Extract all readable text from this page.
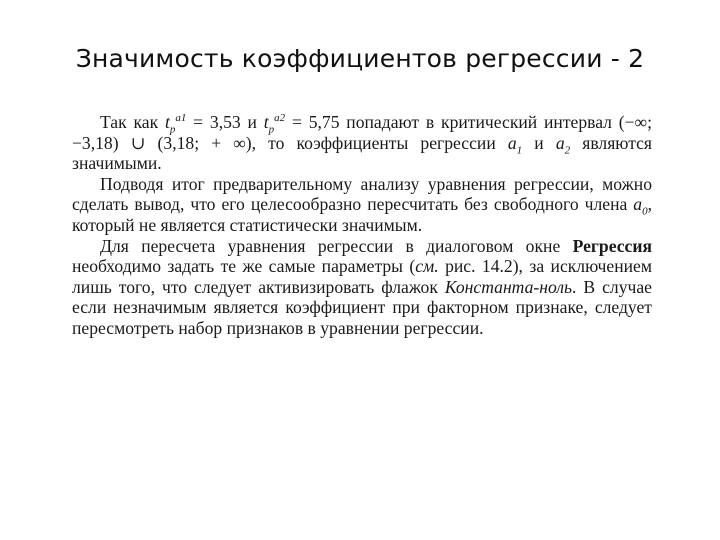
Значимость коэффициентов регрессии - 2

Так как $t_p^{a1} = 3,53$ и $t_p^{a2} = 5,75$ попадают в критический интервал (−∞; −3,18) ∪ (3,18; + ∞), то коэффициенты регрессии $a_1$ и $a_2$ являются значимыми.

Подводя итог предварительному анализу уравнения регрессии, можно сделать вывод, что его целесообразно пересчитать без свободного члена $a_0$, который не является статистически значимым.

Для пересчета уравнения регрессии в диалоговом окне Регрессия необходимо задать те же самые параметры (см. рис. 14.2), за исключением лишь того, что следует активизировать флажок Константа-ноль. В случае если незначимым является коэффициент при факторном признаке, следует пересмотреть набор признаков в уравнении регрессии.
